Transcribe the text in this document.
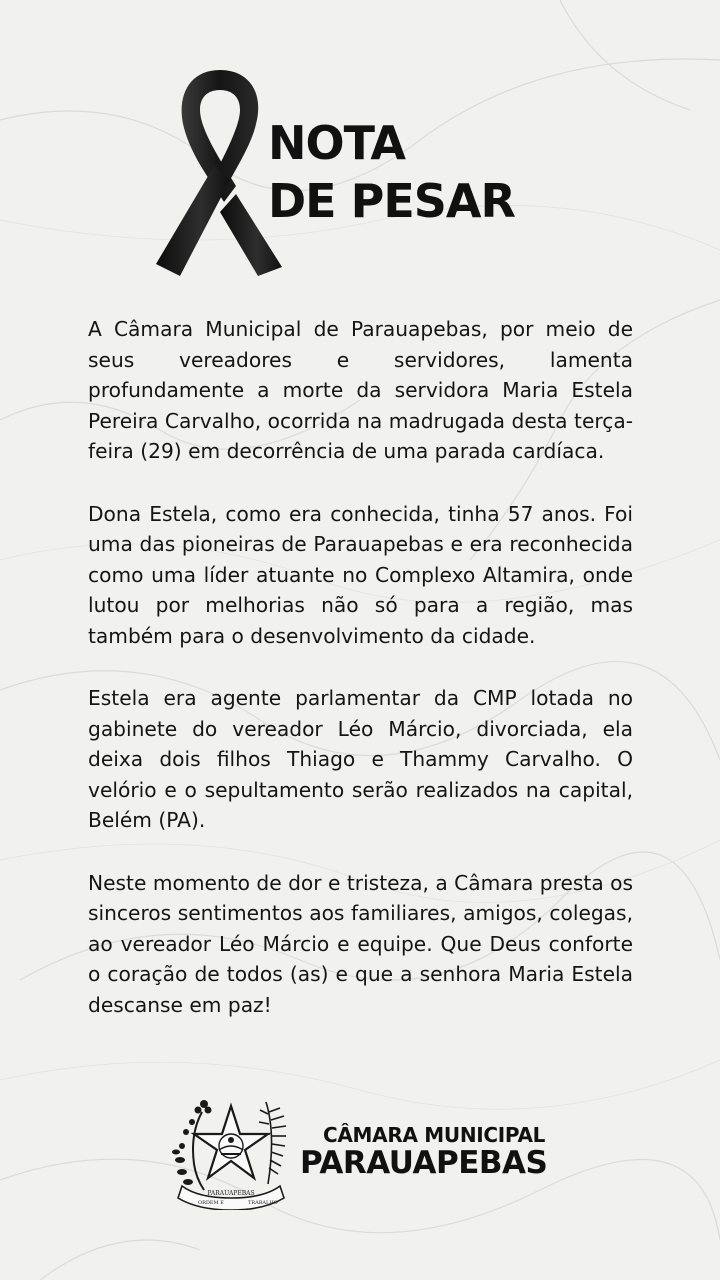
NOTA
DE PESAR

A Câmara Municipal de Parauapebas, por meio de seus vereadores e servidores, lamenta profundamente a morte da servidora Maria Estela Pereira Carvalho, ocorrida na madrugada desta terça-feira (29) em decorrência de uma parada cardíaca.

Dona Estela, como era conhecida, tinha 57 anos. Foi uma das pioneiras de Parauapebas e era reconhecida como uma líder atuante no Complexo Altamira, onde lutou por melhorias não só para a região, mas também para o desenvolvimento da cidade.

Estela era agente parlamentar da CMP lotada no gabinete do vereador Léo Márcio, divorciada, ela deixa dois filhos Thiago e Thammy Carvalho. O velório e o sepultamento serão realizados na capital, Belém (PA).

Neste momento de dor e tristeza, a Câmara presta os sinceros sentimentos aos familiares, amigos, colegas, ao vereador Léo Márcio e equipe. Que Deus conforte o coração de todos (as) e que a senhora Maria Estela descanse em paz!

ORDEM E
PARAUAPEBAS
TRABALHO
CÂMARA MUNICIPAL
PARAUAPEBAS
